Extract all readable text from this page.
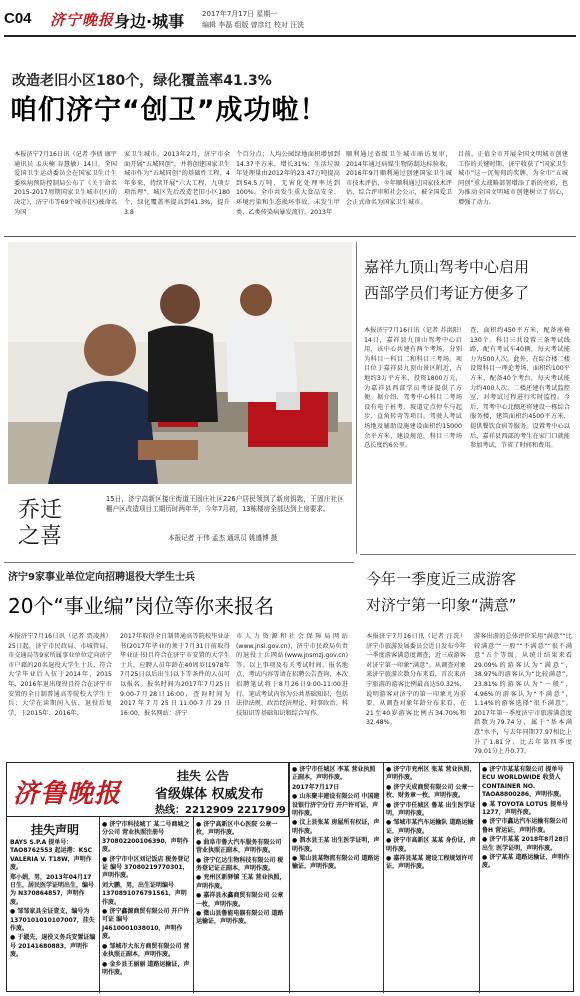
C04 济宁晚报 身边·城事	2017年7月17日 星期一
编辑 李磊 组版 曾彦红 校对 汪洗
改造老旧小区180个，绿化覆盖率41.3%
咱们济宁“创卫”成功啦！
本报济宁7月16日讯（记者 李倩 康宇 通讯员 孟庆楠 谷慧敏）14日，全国爱国卫生运动委员会在国家卫生计生委疾病预防控制局公布了《关于命名2015-2017周期国家卫生城市(区)的决定》，济宁市等69个城市(区)被命名为国
家卫生城市。2013年2月，济宁市全面开展“五城同创”，并将创建国家卫生城市作为“五城同创”的基础性工程，4年多来，持续开展“六大工程、九项专项治理”，城区先后改造老旧小区180个，绿化覆盖率提高到41.3%，提升3.8
个百分点；人均公园绿地面积增加到14.37平方米，增长31%；生活垃圾年处理量由2012年的23.47万吨提高到54.5万吨，无害化处理率达到100%。全市共发生重大食品安全、环境污染和生态损坏事故，未发生甲类、乙类传染病暴发流行。2013年
顺利通过省级卫生城市暗访复审，2014年通过病媒生物防制达标验收，2016年9月顺利通过创建国家卫生城市技术评估，今年顺利通过国家技术评估、综合评审和社会公示，被全国爱卫会正式命名为国家卫生城市。
目前，正值全市开展全国文明城市创建工作的关键时期，济宁收获了“国家卫生城市”这一沉甸甸的奖牌，为全市“五城同创”重大战略部署增添了新的亮彩，也为推动全国文明城市创建树立了信心，增强了动力。
乔迁
之喜
15日，济宁高新区接庄街道王固庄社区226户居民领到了新房钥匙，王固庄社区棚户区改造项目工期历时两年半，今年7月初，13栋楼房全部达到上房要求。
本报记者 于伟 孟杰 通讯员 姚盛博 摄
嘉祥九顶山驾考中心启用
西部学员们考证方便多了
本报济宁7月16日讯（记者 苏洪阳）14日，嘉祥县九顶山驾考中心启用，该中心共建有两个考场，分别为科目一科目二和科目三考场。项目位于嘉祥县九顶山景区附近，占地约3万平方米，投资1800万元，为嘉祥县西部学员考证提供了方便。据介绍，驾考中心科目二考场设有电子桩考、坡道定点停车与起步、直角转弯等项目。驾驶人考试场地及辅助设施建设面积约15000余平方米，建设规范，科目三考场总长度约6公里。
查，面积约450平方米，配备座椅130个。科目三共设置三条考试线路，配有考试车40辆，每天考试能力为500人次。此外，在综合楼二楼设置科目一理论考场，面积约100平方米，配备40个考台，每天考试能力约400人次。二楼还建有考试监控室，对考试过程进行实时监控。今后，驾考中心北侧还将建设一栋综合服务楼，建筑面积约4500平方米，提供餐饮食宿等服务。设置考中心以后，嘉祥县西部的考生在家门口就能参加考试，节省了时间和费用。
济宁9家事业单位定向招聘退役大学生士兵
20个“事业编”岗位等你来报名
本报济宁7月16日讯（记者 贾凌燕）25日起，济宁市民政局、市城管局、市交通局等9家所属事业单位定向济宁市户籍的20名退役大学生士兵。符合大学毕业后入伍于2014年、2015年、2016年退出现役且符合在济宁市安置的全日制普通高等院校大学生士兵；大学在读期间入伍，退役后复学，于2015年、2016年、
2017年取得全日制普通高等院校毕业证书(2017年毕业的须于7月31日前取得毕业证书)且符合在济宁市安置的大学生士兵，应聘人员年龄在40周岁(1978年7月25日以后出生)以下等条件的人员可以报名。报名时间为2017年7月25日9:00-7月28日16:00，查询时间为2017年7月25日11:00-7月29日16:00，报名网站：济宁
市人力资源和社会保障局网站(www.jnsi.gov.cn)，济宁市民政局负责的退役士兵网站(www.jnsmzj.gov.cn)等。以上事项及有关考试时间、报名地点、考试内容等请在招聘公告查询，本次招聘笔试将于8月26日9:00-11:00进行。笔试考试内容为公共基础知识，包括法律法规、政治经济理论、时事政治、科技知识等基础知识和综合写作。
今年一季度近三成游客
对济宁第一印象“满意”
本报济宁7月16日讯（记者 汪洗）济宁市旅游发展委员会近日发布今年一季度游客满意度调查，近三成游客对济宁第一印象“满意”。从调查对象来济宁旅游次数分布来看，首次来济宁旅游的游客比例最高达50.32%，说明游客对济宁的第一印象尤为重要。从调查对象年龄分布来看，在21至40岁游客比例占34.70%和32.48%。
游客出游的总体评价采用“满意”“比较满意”“一般”“不满意”“很不满意”五个等级。从统计结果来看29.09%的游客认为“满意”，38.97%的游客认为“比较满意”，23.81%的游客认为“一般”，4.96%的游客认为“不满意”，1.14%的游客选择“很不满意”。2017年第一季度济宁市旅游满意度指数为79.74分，属于“基本满意”水平，与去年同期77.97相比上升了1.81分，比去年第四季度79.01分上升0.77。
济鲁晚报
挂失 公告
省级媒体 权威发布
热线：2212909 2217909
挂失声明
BAYS S.P.A 提单号：TAO8762553 起运港：KSC VALERIA V. T18W，声明作废。
郑小娟，男，2013年04月17日生，居民医学证明出生，编号为 N370864857，声明作废。
● 邹邹家具全证壹支，编号为 1370101010107007，挂失作废。
● 于淑先，退役义务兵安置证编号 20141680883，声明作废。
● 济宁市科技城丁 某二号商城之分公司 营业执照注册号 370802200106390，声明作废。
● 济宁市中区刘记饭店 税务登记证 编号 37080219770301，声明作废。
刘大鹏，男，出生证明编号 1370891076791561，声明作废。
● 济宁鑫源商贸有限公司 开户许可证 编号 J4610001038010，声明作废。
● 邹城市大东方商贸有限公司 营业执照正副本，声明作废。
● 金乡县王丽丽 道路运输证，声明作废。
● 济宁高新区中心医院 公章一枚，声明作废。
● 曲阜市鲁大汽车服务有限公司 营业执照正副本，声明作废。
● 济宁亿达生物科技有限公司 税务登记证正副本，声明作废。
● 兖州区新驿镇 王某 营业执照，声明作废。
● 嘉祥县永鑫商贸有限公司 公章一枚，声明作废。
● 微山县鲁能电器有限公司 道路运输证，声明作废。
● 济宁市任城区 李某 营业执照正副本，声明作废。
2017年7月17日
● 山东聚丰建设有限公司 中国建设银行济宁分行 开户许可证，声明作废。
● 汶上县张某 房屋所有权证，声明作废。
● 泗水县王某 出生医学证明，声明作废。
● 梁山县某物流有限公司 道路运输证，声明作废。
● 济宁市兖州区 张某 营业执照，声明作废。
● 济宁天成商贸有限公司 公章一枚、财务章一枚，声明作废。
● 济宁市任城区 鲁某 出生医学证明，声明作废。
● 邹城市某汽车运输队 道路运输证，声明作废。
● 济宁市高新区 某某 身份证，声明作废。
● 嘉祥县某某 建设工程规划许可证，声明作废。
● 济宁市某某有限公司 提单号 ECU WORLDWIDE 收货人 CONTAINER NO. TAOA8800286，声明作废。
● 某 TOYOTA LOTUS 提单号 1277，声明作废。
● 济宁市鑫达汽车运输有限公司 鲁H 营运证，声明作废。
● 济宁市某某 2018年8月28日出生 医学证明，声明作废。
● 济宁某某 道路运输证，声明作废。
